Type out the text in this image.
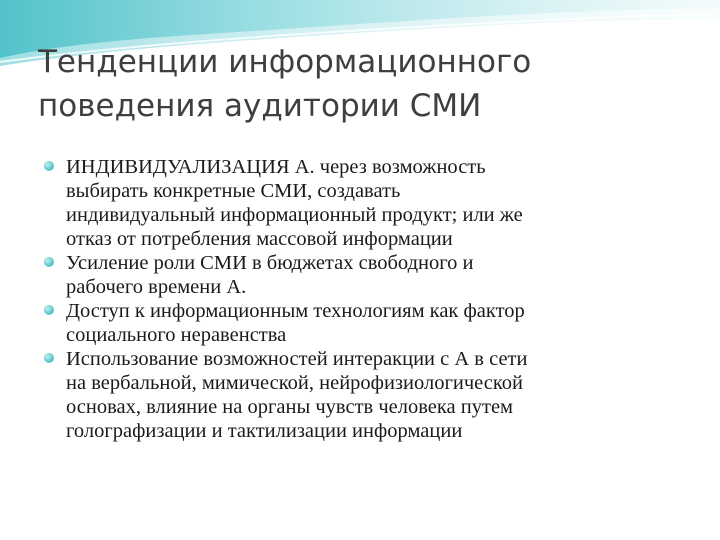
Тенденции информационного
поведения аудитории СМИ
ИНДИВИДУАЛИЗАЦИЯ А. через возможность
выбирать конкретные СМИ, создавать
индивидуальный информационный продукт; или же
отказ от потребления массовой информации
Усиление роли СМИ в бюджетах свободного и
рабочего времени А.
Доступ к информационным технологиям как фактор
социального неравенства
Использование возможностей интеракции с А в сети
на вербальной, мимической, нейрофизиологической
основах, влияние на органы чувств человека путем
голографизации и тактилизации информации
